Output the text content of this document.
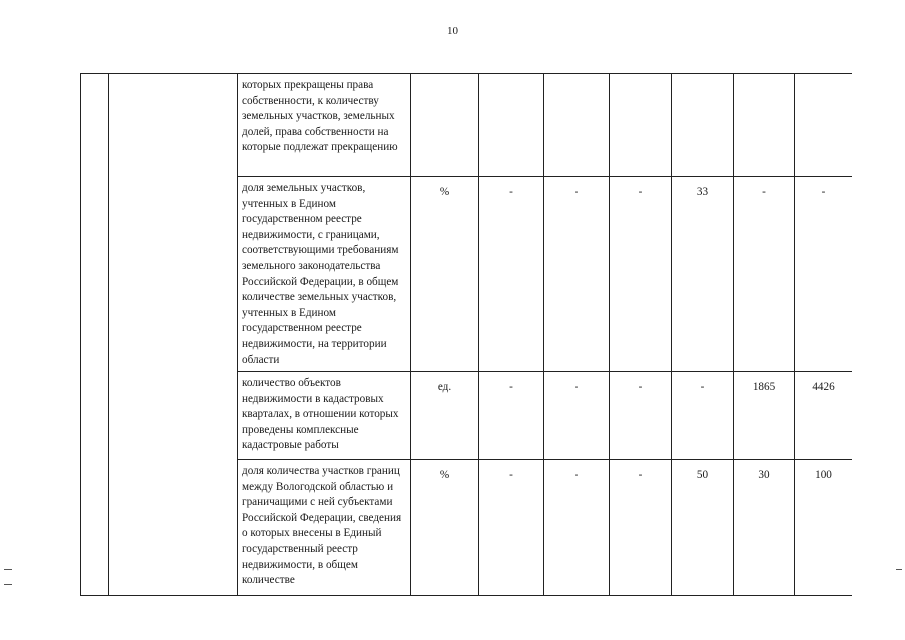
10
		которых прекращены права собственности, к количеству земельных участков, земельных долей, права собственности на которые подлежат прекращению							
		доля земельных участков, учтенных в Едином государственном реестре недвижимости, с границами, соответствующими требованиям земельного законодательства Российской Федерации, в общем количестве земельных участков, учтенных в Едином государственном реестре недвижимости, на территории области	%	-	-	-	33	-	-
		количество объектов недвижимости в кадастровых кварталах, в отношении которых проведены комплексные кадастровые работы	ед.	-	-	-	-	1865	4426
		доля количества участков границ между Вологодской областью и граничащими с ней субъектами Российской Федерации, сведения о которых внесены в Единый государственный реестр недвижимости, в общем количестве	%	-	-	-	50	30	100
